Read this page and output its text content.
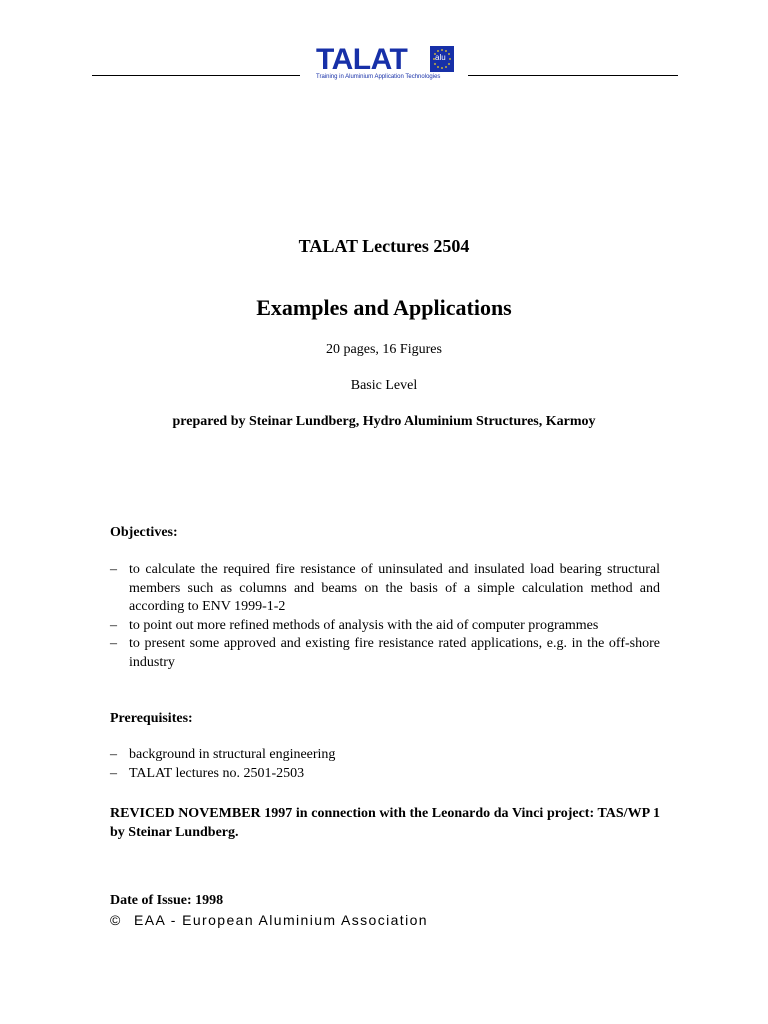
TALAT	alu
Training in Aluminium Application Technologies
TALAT Lectures 2504
Examples and Applications
20 pages, 16 Figures
Basic Level
prepared by Steinar Lundberg, Hydro Aluminium Structures, Karmoy
Objectives:
– to calculate the required fire resistance of uninsulated and insulated load bearing structural members such as columns and beams on the basis of a simple calculation method and according to ENV 1999-1-2
– to point out more refined methods of analysis with the aid of computer programmes
– to present some approved and existing fire resistance rated applications, e.g. in the off-shore industry
Prerequisites:
– background in structural engineering
– TALAT lectures no. 2501-2503
REVICED NOVEMBER 1997 in connection with the Leonardo da Vinci project: TAS/WP 1 by Steinar Lundberg.
Date of Issue: 1998
© EAA - European Aluminium Association
